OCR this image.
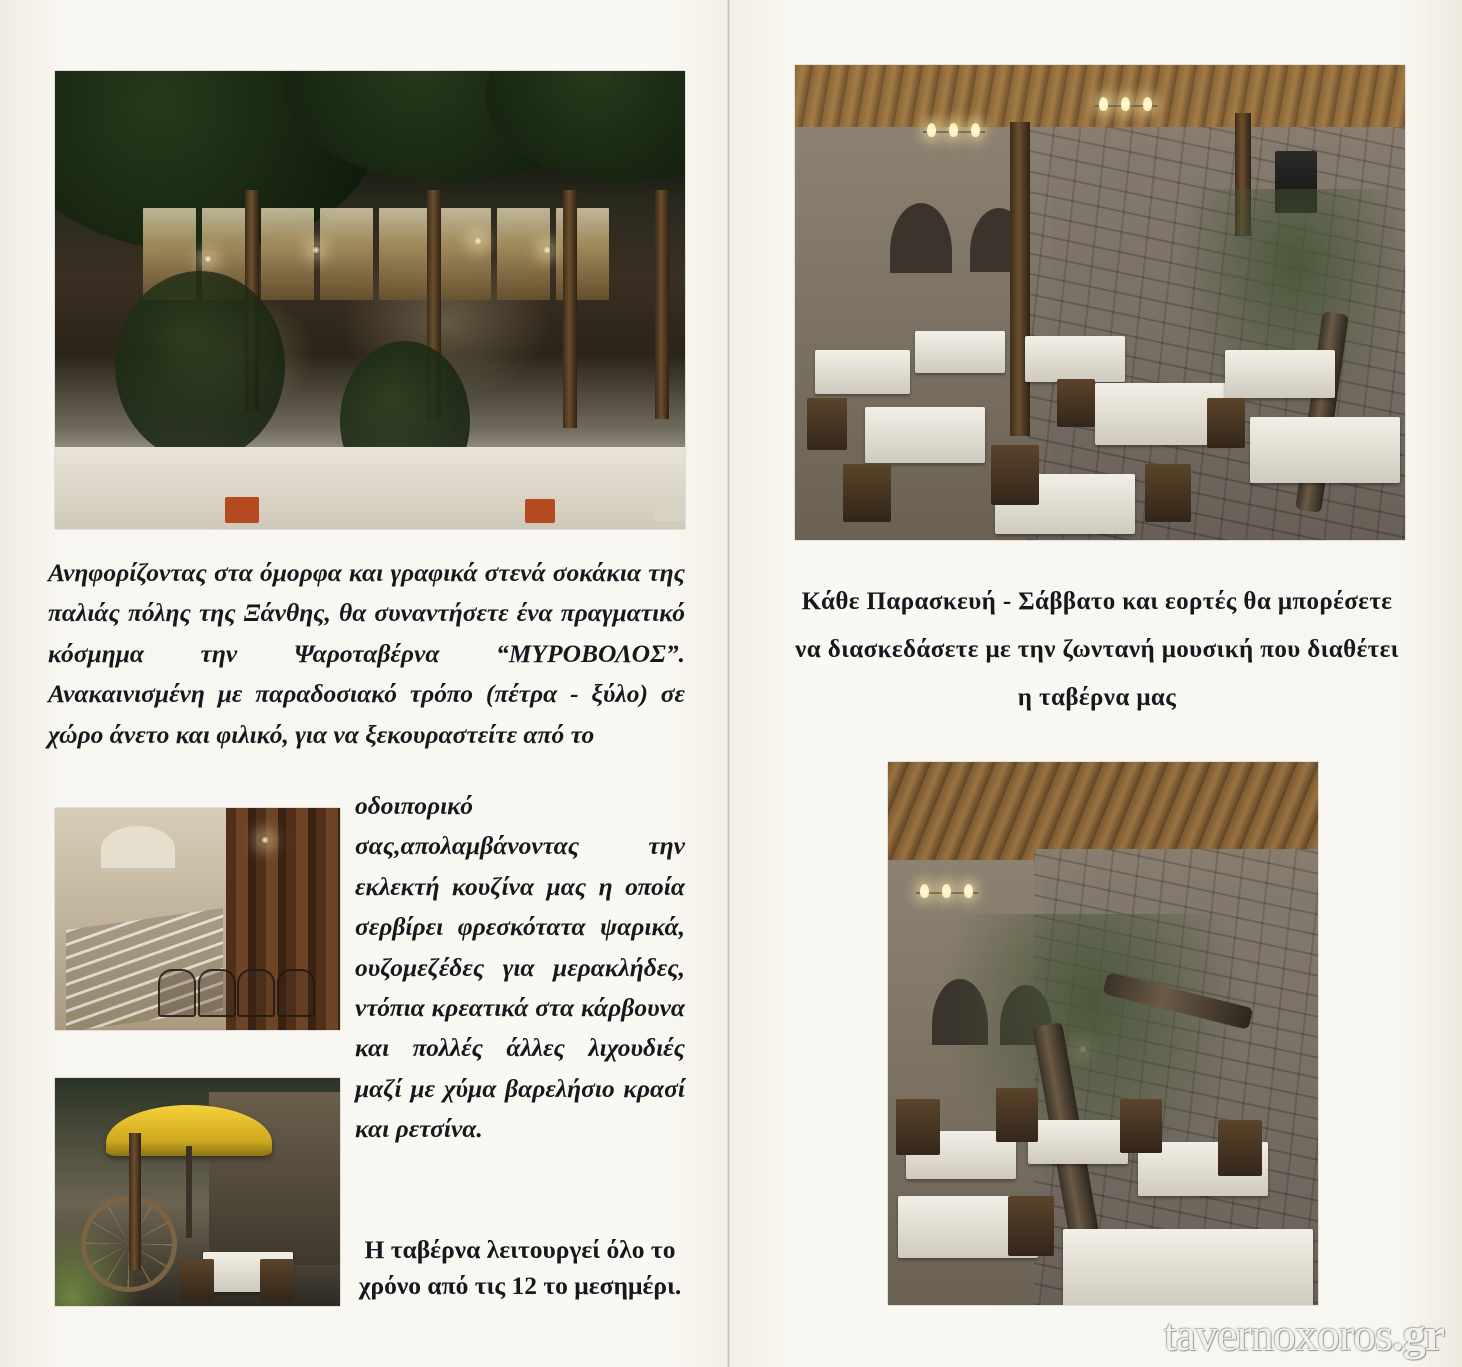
Ανηφορίζοντας στα όμορφα και γραφικά στενά σοκάκια της παλιάς πόλης της Ξάνθης, θα συναντήσετε ένα πραγματικό κόσμημα την Ψαροταβέρνα “ΜΥΡΟΒΟΛΟΣ”. Ανακαινισμένη με παραδοσιακό τρόπο (πέτρα - ξύλο) σε χώρο άνετο και φιλικό, για να ξεκουραστείτε από το
οδοιπορικό σας,απολαμβάνοντας την εκλεκτή κουζίνα μας η οποία σερβίρει φρεσκότατα ψαρικά, ουζομεζέδες για μερακλήδες, ντόπια κρεατικά στα κάρβουνα και πολλές άλλες λιχουδιές μαζί με χύμα βαρελήσιο κρασί και ρετσίνα.
Η ταβέρνα λειτουργεί όλο το χρόνο από τις 12 το μεσημέρι.
Κάθε Παρασκευή - Σάββατο και εορτές θα μπορέσετε να διασκεδάσετε με την ζωντανή μουσική που διαθέτει η ταβέρνα μας
tavernoxoros.gr
